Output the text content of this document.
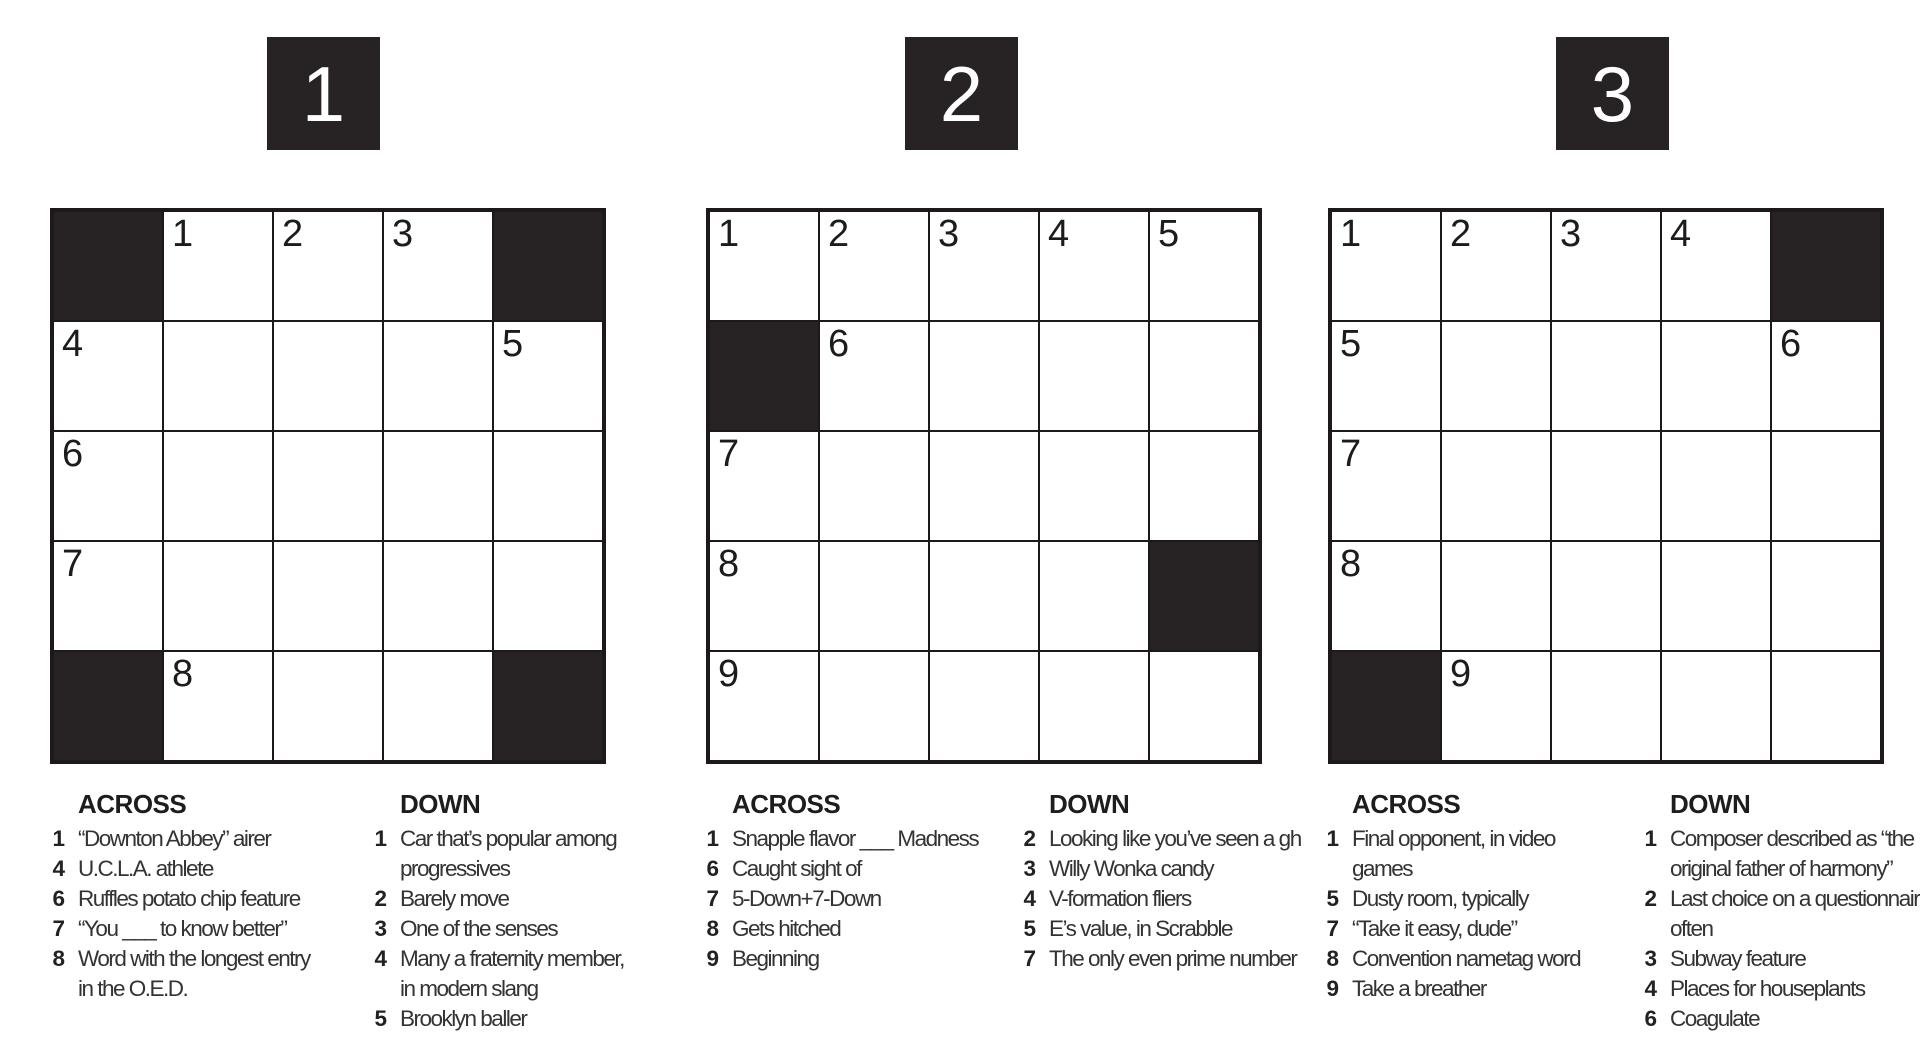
1	2	3
1 2 3
4	5
6
7
8
1 2 3 4 5
6
7
8
9
1 2 3 4
5	6
7
8
9
ACROSS
1 “Downton Abbey” airer
4 U.C.L.A. athlete
6 Ruffles potato chip feature
7 “You ___ to know better”
8 Word with the longest entry
in the O.E.D.
DOWN
1 Car that’s popular among
progressives
2 Barely move
3 One of the senses
4 Many a fraternity member,
in modern slang
5 Brooklyn baller
ACROSS
1 Snapple flavor ___ Madness
6 Caught sight of
7 5-Down+7-Down
8 Gets hitched
9 Beginning
DOWN
2 Looking like you’ve seen a gh
3 Willy Wonka candy
4 V-formation fliers
5 E’s value, in Scrabble
7 The only even prime number
ACROSS
1 Final opponent, in video
games
5 Dusty room, typically
7 “Take it easy, dude”
8 Convention nametag word
9 Take a breather
DOWN
1 Composer described as “the
original father of harmony”
2 Last choice on a questionnair
often
3 Subway feature
4 Places for houseplants
6 Coagulate
